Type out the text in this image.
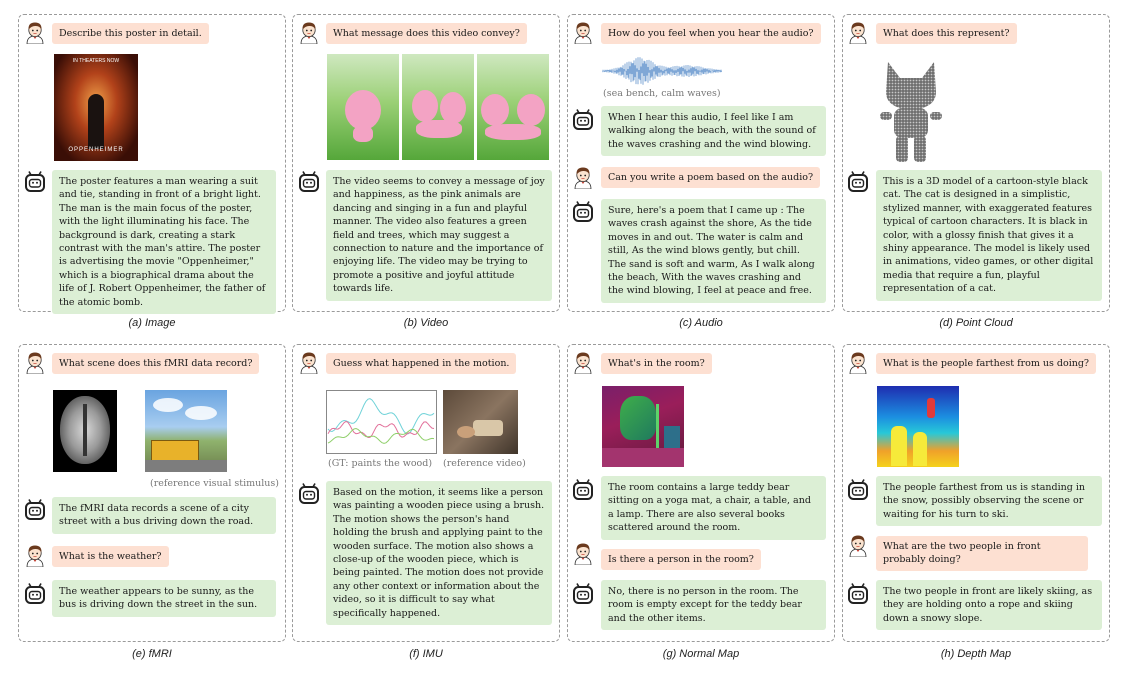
Describe this poster in detail.
IN THEATERS NOW
OPPENHEIMER
The poster features a man wearing a suit and tie, standing in front of a bright light. The man is the main focus of the poster, with the light illuminating his face. The background is dark, creating a stark contrast with the man's attire. The poster is advertising the movie "Oppenheimer," which is a biographical drama about the life of J. Robert Oppenheimer, the father of the atomic bomb.
(a) Image
What message does this video convey?
The video seems to convey a message of joy and happiness, as the pink animals are dancing and singing in a fun and playful manner. The video also features a green field and trees, which may suggest a connection to nature and the importance of enjoying life. The video may be trying to promote a positive and joyful attitude towards life.
(b) Video
How do you feel when you hear the audio?
(sea bench, calm waves)
When I hear this audio, I feel like I am walking along the beach, with the sound of the waves crashing and the wind blowing.
Can you write a poem based on the audio?
Sure, here's a poem that I came up : The waves crash against the shore, As the tide moves in and out. The water is calm and still, As the wind blows gently, but chill. The sand is soft and warm, As I walk along the beach, With the waves crashing and the wind blowing, I feel at peace and free.
(c) Audio
What does this represent?
This is a 3D model of a cartoon-style black cat. The cat is designed in a simplistic, stylized manner, with exaggerated features typical of cartoon characters. It is black in color, with a glossy finish that gives it a shiny appearance. The model is likely used in animations, video games, or other digital media that require a fun, playful representation of a cat.
(d) Point Cloud
What scene does this fMRI data record?
(reference visual stimulus)
The fMRI data records a scene of a city street with a bus driving down the road.
What is the weather?
The weather appears to be sunny, as the bus is driving down the street in the sun.
(e) fMRI
Guess what happened in the motion.
(GT: paints the wood) (reference video)
Based on the motion, it seems like a person was painting a wooden piece using a brush. The motion shows the person's hand holding the brush and applying paint to the wooden surface. The motion also shows a close-up of the wooden piece, which is being painted. The motion does not provide any other context or information about the video, so it is difficult to say what specifically happened.
(f) IMU
What's in the room?
The room contains a large teddy bear sitting on a yoga mat, a chair, a table, and a lamp. There are also several books scattered around the room.
Is there a person in the room?
No, there is no person in the room. The room is empty except for the teddy bear and the other items.
(g) Normal Map
What is the people farthest from us doing?
The people farthest from us is standing in the snow, possibly observing the scene or waiting for his turn to ski.
What are the two people in front probably doing?
The two people in front are likely skiing, as they are holding onto a rope and skiing down a snowy slope.
(h) Depth Map
